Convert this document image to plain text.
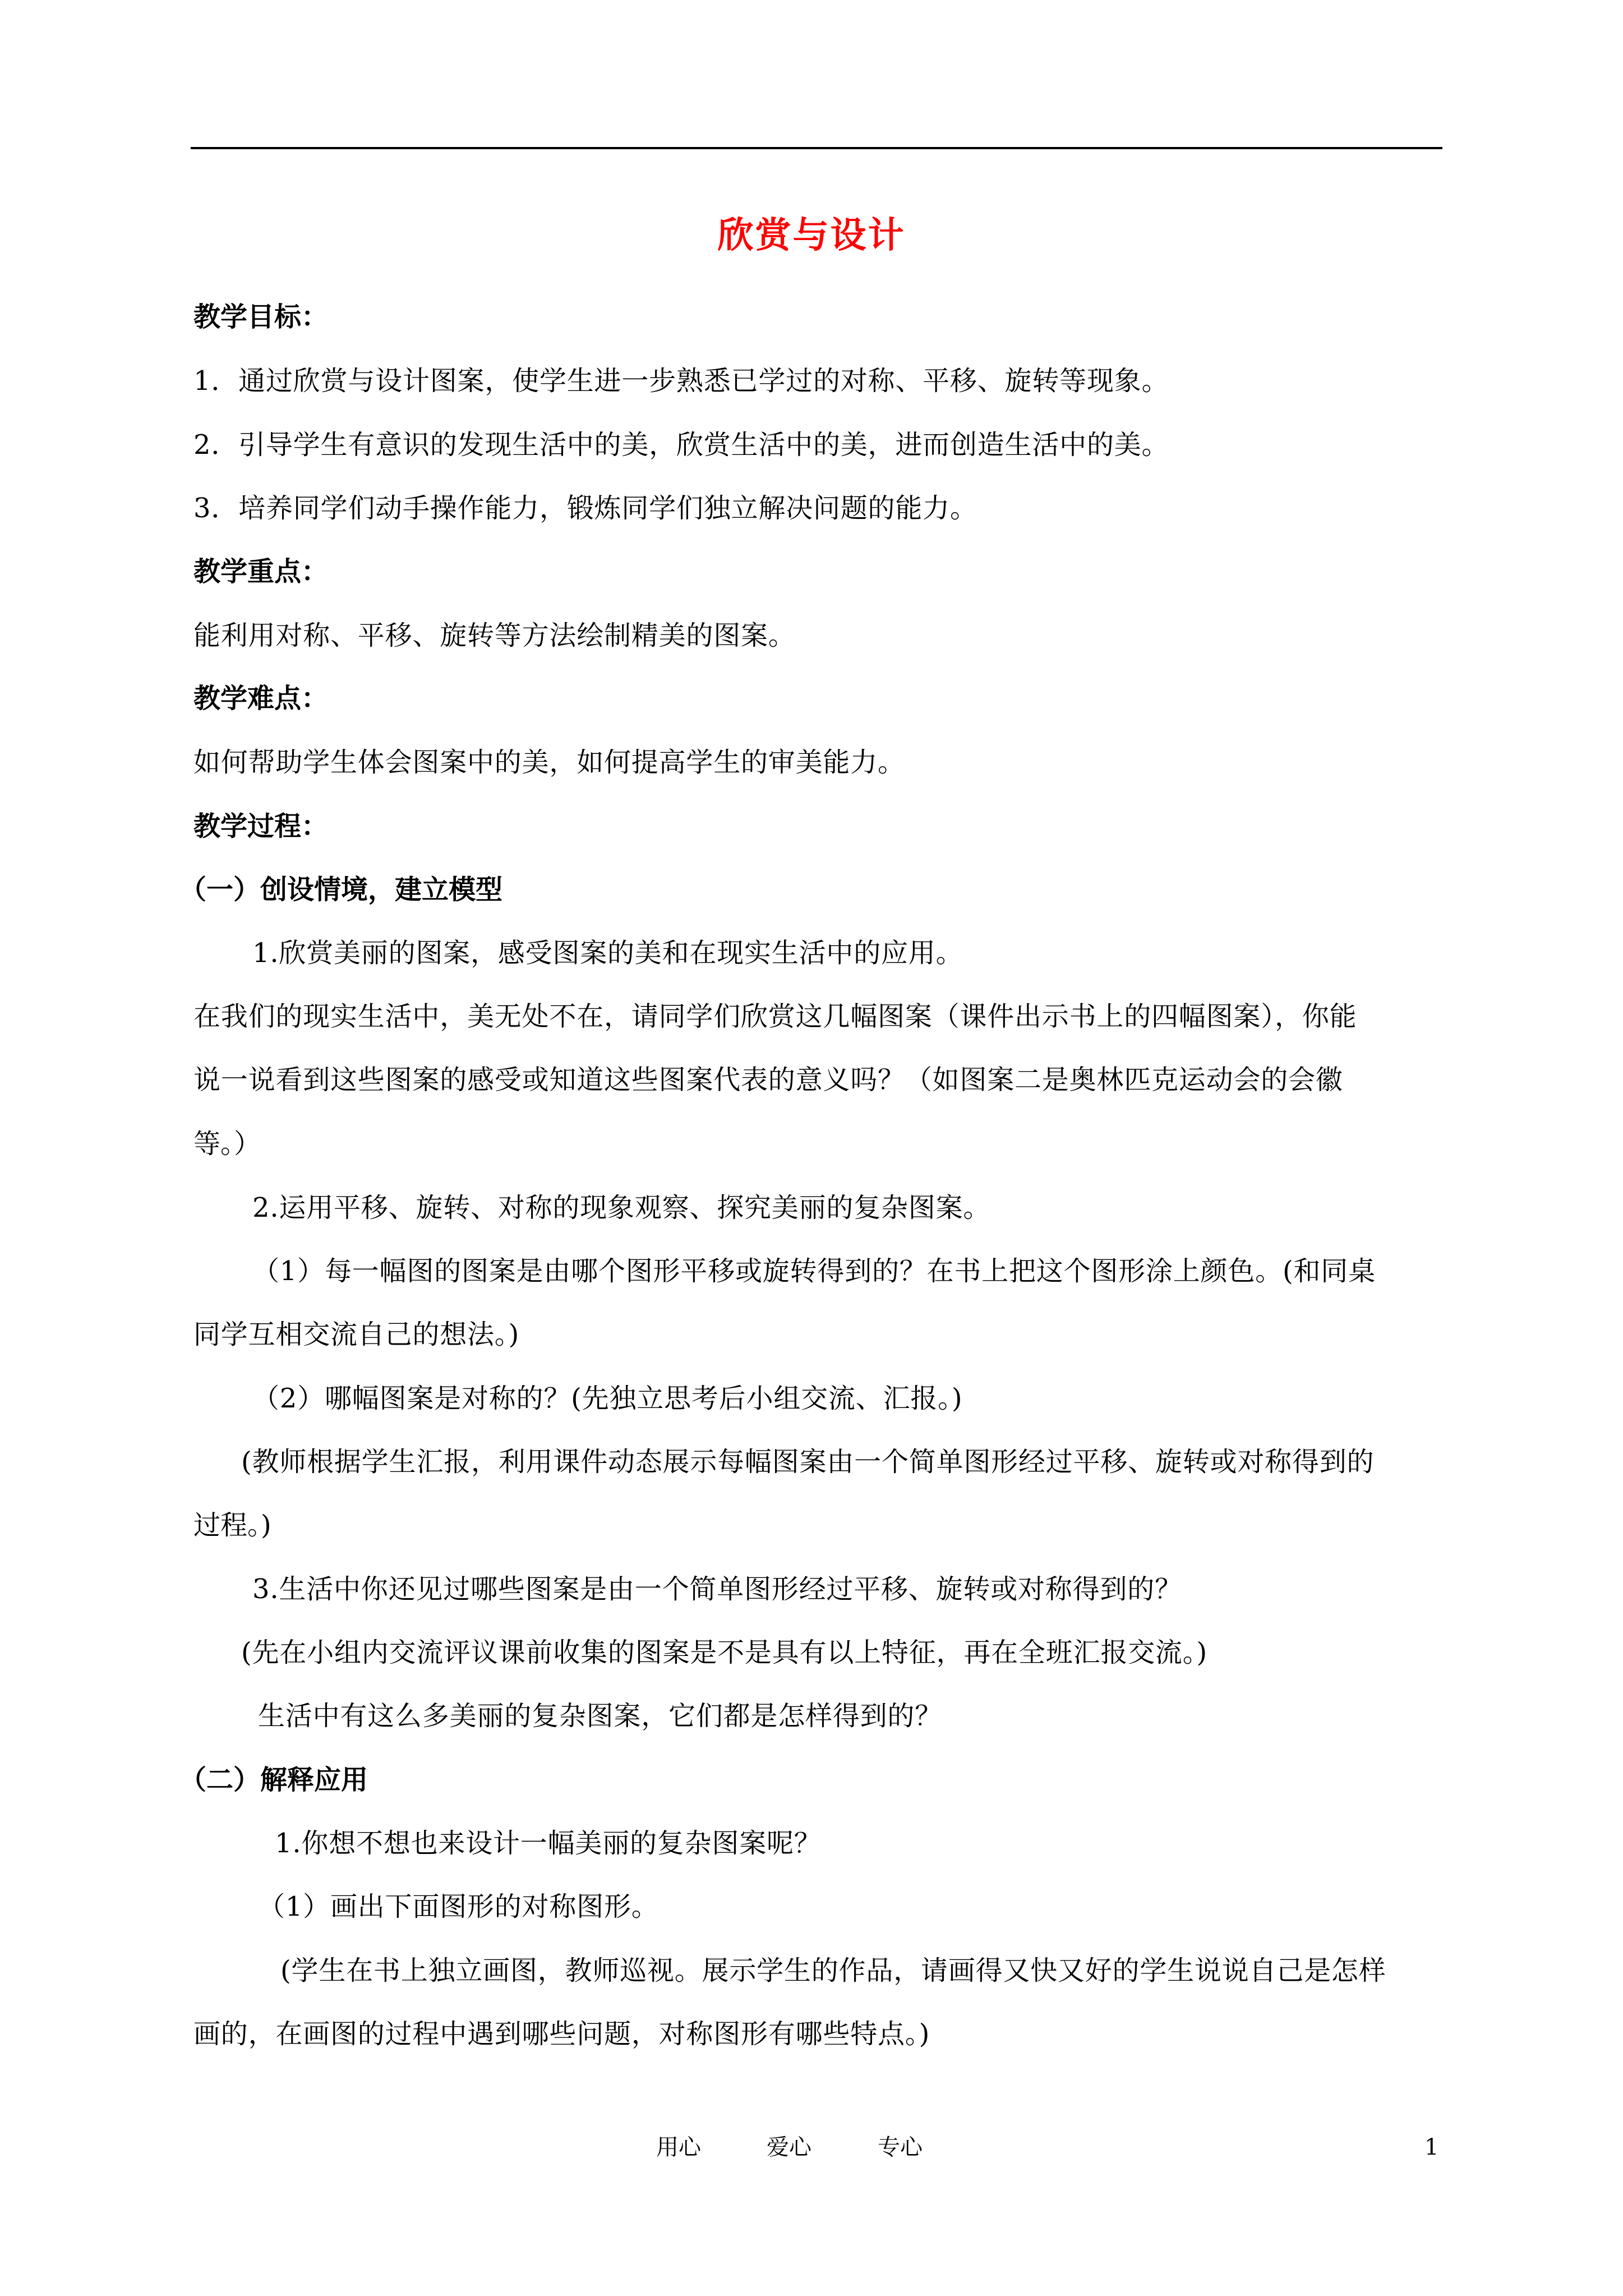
欣赏与设计
教学目标：
1．通过欣赏与设计图案，使学生进一步熟悉已学过的对称、平移、旋转等现象。
2．引导学生有意识的发现生活中的美，欣赏生活中的美，进而创造生活中的美。
3．培养同学们动手操作能力，锻炼同学们独立解决问题的能力。
教学重点：
能利用对称、平移、旋转等方法绘制精美的图案。
教学难点：
如何帮助学生体会图案中的美，如何提高学生的审美能力。
教学过程：
（一）创设情境，建立模型
1.欣赏美丽的图案，感受图案的美和在现实生活中的应用。
在我们的现实生活中，美无处不在，请同学们欣赏这几幅图案（课件出示书上的四幅图案），你能
说一说看到这些图案的感受或知道这些图案代表的意义吗？（如图案二是奥林匹克运动会的会徽
等。）
2.运用平移、旋转、对称的现象观察、探究美丽的复杂图案。
（1）每一幅图的图案是由哪个图形平移或旋转得到的？在书上把这个图形涂上颜色。(和同桌
同学互相交流自己的想法。)
（2）哪幅图案是对称的？(先独立思考后小组交流、汇报。)
(教师根据学生汇报，利用课件动态展示每幅图案由一个简单图形经过平移、旋转或对称得到的
过程。)
3.生活中你还见过哪些图案是由一个简单图形经过平移、旋转或对称得到的？
(先在小组内交流评议课前收集的图案是不是具有以上特征，再在全班汇报交流。)
生活中有这么多美丽的复杂图案，它们都是怎样得到的？
（二）解释应用
1.你想不想也来设计一幅美丽的复杂图案呢？
（1）画出下面图形的对称图形。
(学生在书上独立画图，教师巡视。展示学生的作品，请画得又快又好的学生说说自己是怎样
画的，在画图的过程中遇到哪些问题，对称图形有哪些特点。)
用心	爱心	专心	1
